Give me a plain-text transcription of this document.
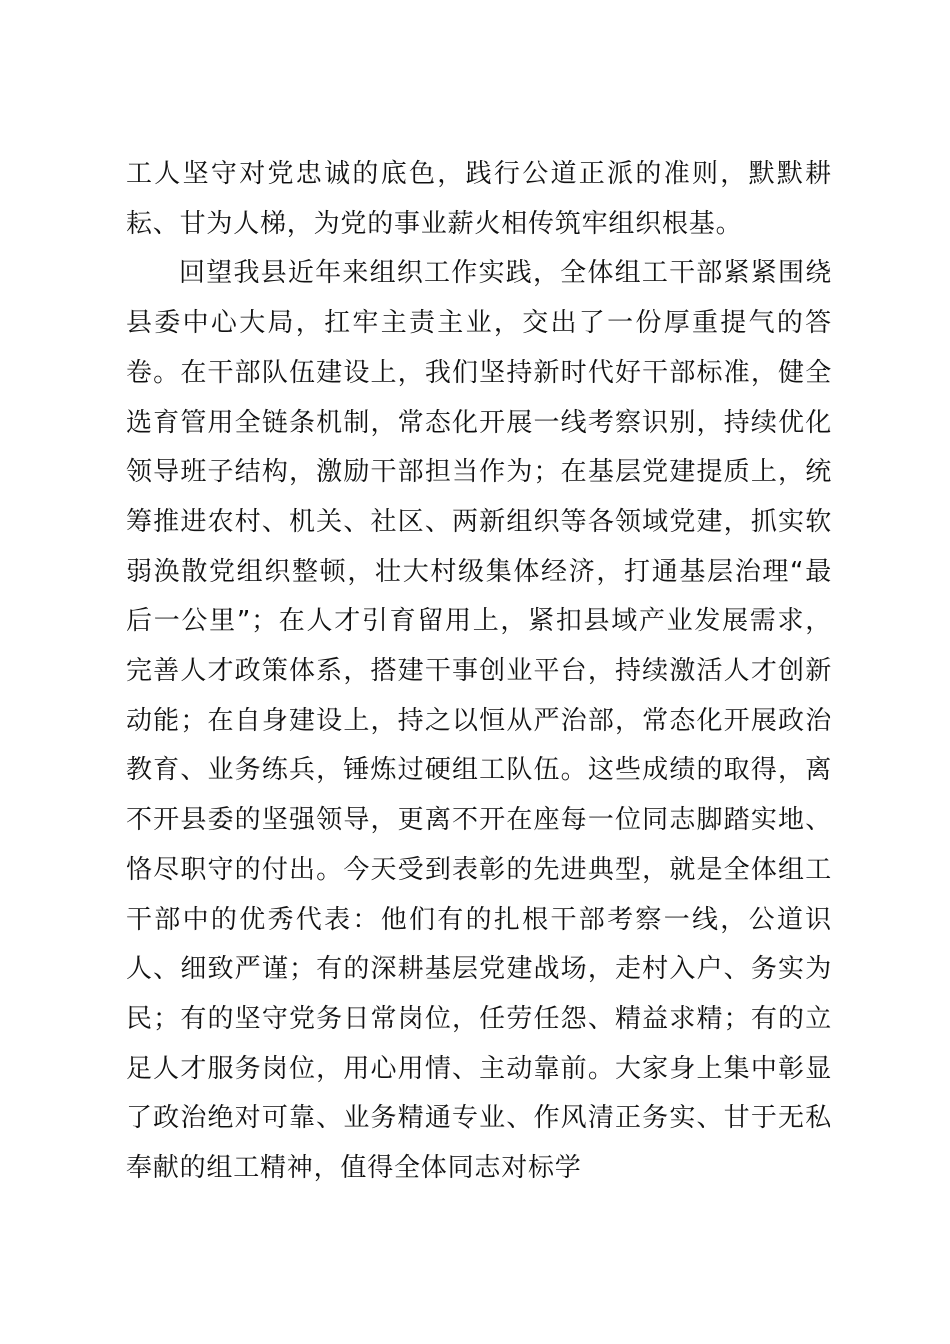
工人坚守对党忠诚的底色，践行公道正派的准则，默默耕耘、甘为人梯，为党的事业薪火相传筑牢组织根基。

回望我县近年来组织工作实践，全体组工干部紧紧围绕县委中心大局，扛牢主责主业，交出了一份厚重提气的答卷。在干部队伍建设上，我们坚持新时代好干部标准，健全选育管用全链条机制，常态化开展一线考察识别，持续优化领导班子结构，激励干部担当作为；在基层党建提质上，统筹推进农村、机关、社区、两新组织等各领域党建，抓实软弱涣散党组织整顿，壮大村级集体经济，打通基层治理“最后一公里”；在人才引育留用上，紧扣县域产业发展需求，完善人才政策体系，搭建干事创业平台，持续激活人才创新动能；在自身建设上，持之以恒从严治部，常态化开展政治教育、业务练兵，锤炼过硬组工队伍。这些成绩的取得，离不开县委的坚强领导，更离不开在座每一位同志脚踏实地、恪尽职守的付出。今天受到表彰的先进典型，就是全体组工干部中的优秀代表：他们有的扎根干部考察一线，公道识人、细致严谨；有的深耕基层党建战场，走村入户、务实为民；有的坚守党务日常岗位，任劳任怨、精益求精；有的立足人才服务岗位，用心用情、主动靠前。大家身上集中彰显了政治绝对可靠、业务精通专业、作风清正务实、甘于无私奉献的组工精神，值得全体同志对标学
